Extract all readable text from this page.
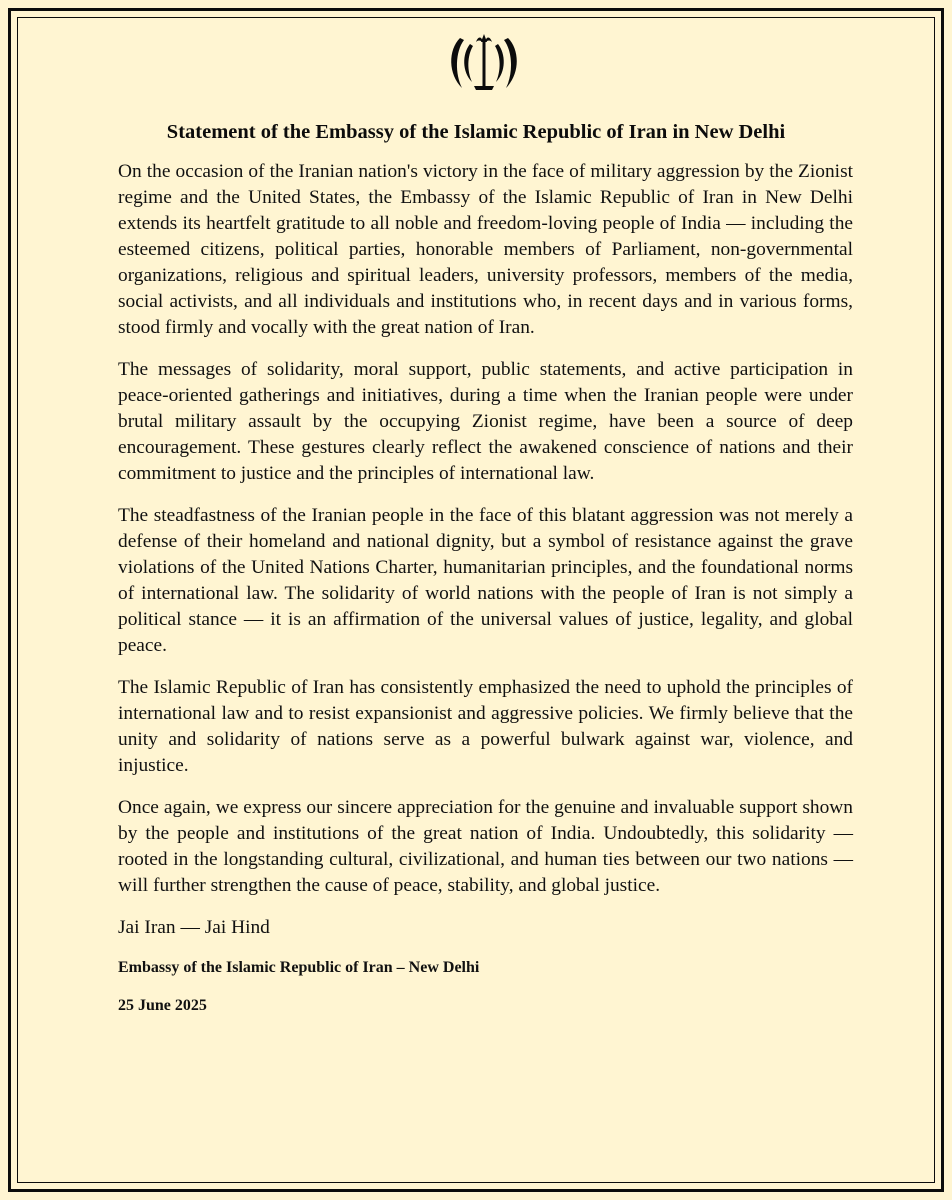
Statement of the Embassy of the Islamic Republic of Iran in New Delhi

On the occasion of the Iranian nation's victory in the face of military aggression by the Zionist regime and the United States, the Embassy of the Islamic Republic of Iran in New Delhi extends its heartfelt gratitude to all noble and freedom-loving people of India — including the esteemed citizens, political parties, honorable members of Parliament, non-governmental organizations, religious and spiritual leaders, university professors, members of the media, social activists, and all individuals and institutions who, in recent days and in various forms, stood firmly and vocally with the great nation of Iran.

The messages of solidarity, moral support, public statements, and active participation in peace-oriented gatherings and initiatives, during a time when the Iranian people were under brutal military assault by the occupying Zionist regime, have been a source of deep encouragement. These gestures clearly reflect the awakened conscience of nations and their commitment to justice and the principles of international law.

The steadfastness of the Iranian people in the face of this blatant aggression was not merely a defense of their homeland and national dignity, but a symbol of resistance against the grave violations of the United Nations Charter, humanitarian principles, and the foundational norms of international law. The solidarity of world nations with the people of Iran is not simply a political stance — it is an affirmation of the universal values of justice, legality, and global peace.

The Islamic Republic of Iran has consistently emphasized the need to uphold the principles of international law and to resist expansionist and aggressive policies. We firmly believe that the unity and solidarity of nations serve as a powerful bulwark against war, violence, and injustice.

Once again, we express our sincere appreciation for the genuine and invaluable support shown by the people and institutions of the great nation of India. Undoubtedly, this solidarity — rooted in the longstanding cultural, civilizational, and human ties between our two nations — will further strengthen the cause of peace, stability, and global justice.

Jai Iran — Jai Hind
Embassy of the Islamic Republic of Iran – New Delhi
25 June 2025
